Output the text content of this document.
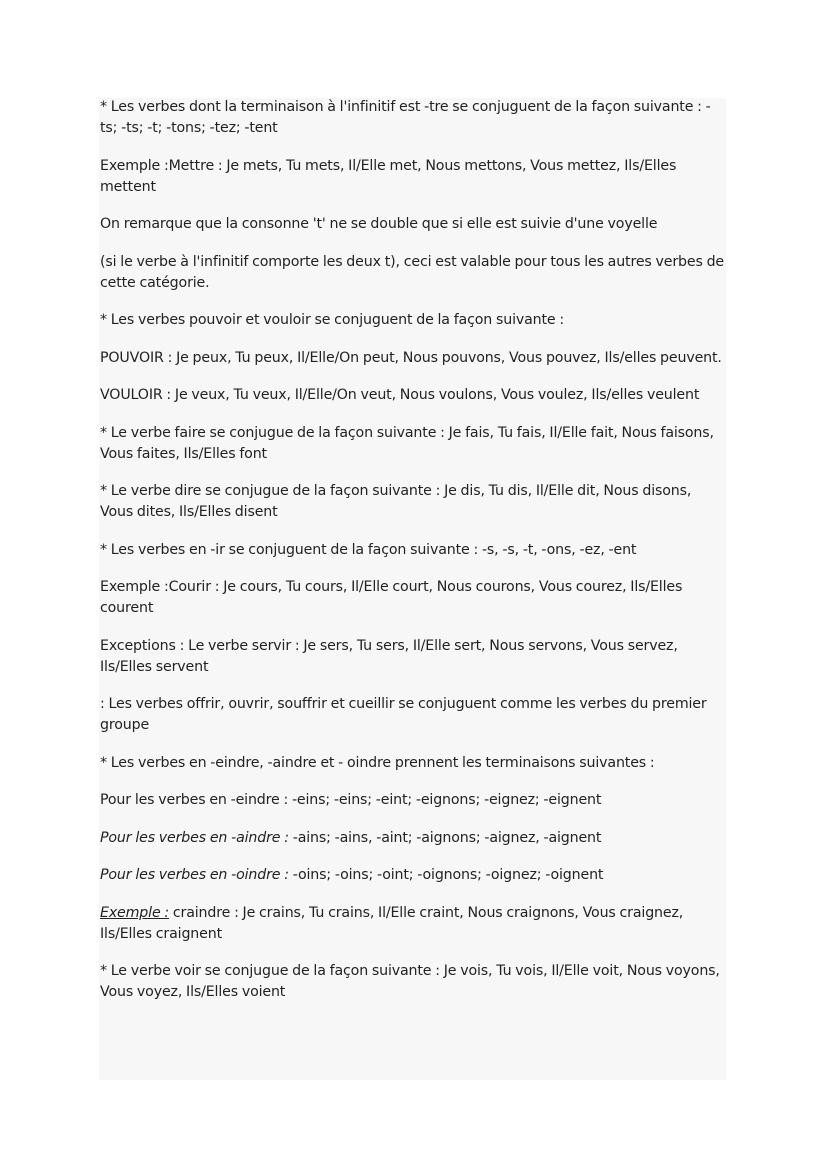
* Les verbes dont la terminaison à l'infinitif est -tre se conjuguent de la façon suivante : -ts; -ts; -t; -tons; -tez; -tent

Exemple :Mettre : Je mets, Tu mets, Il/Elle met, Nous mettons, Vous mettez, Ils/Elles mettent

On remarque que la consonne 't' ne se double que si elle est suivie d'une voyelle

(si le verbe à l'infinitif comporte les deux t), ceci est valable pour tous les autres verbes de cette catégorie.

* Les verbes pouvoir et vouloir se conjuguent de la façon suivante :

POUVOIR : Je peux, Tu peux, Il/Elle/On peut, Nous pouvons, Vous pouvez, Ils/elles peuvent.

VOULOIR : Je veux, Tu veux, Il/Elle/On veut, Nous voulons, Vous voulez, Ils/elles veulent

* Le verbe faire se conjugue de la façon suivante : Je fais, Tu fais, Il/Elle fait, Nous faisons, Vous faites, Ils/Elles font

* Le verbe dire se conjugue de la façon suivante : Je dis, Tu dis, Il/Elle dit, Nous disons, Vous dites, Ils/Elles disent

* Les verbes en -ir se conjuguent de la façon suivante : -s, -s, -t, -ons, -ez, -ent

Exemple :Courir : Je cours, Tu cours, Il/Elle court, Nous courons, Vous courez, Ils/Elles courent

Exceptions : Le verbe servir : Je sers, Tu sers, Il/Elle sert, Nous servons, Vous servez, Ils/Elles servent

: Les verbes offrir, ouvrir, souffrir et cueillir se conjuguent comme les verbes du premier groupe

* Les verbes en -eindre, -aindre et - oindre prennent les terminaisons suivantes :

Pour les verbes en -eindre : -eins; -eins; -eint; -eignons; -eignez; -eignent

Pour les verbes en -aindre : -ains; -ains, -aint; -aignons; -aignez, -aignent

Pour les verbes en -oindre : -oins; -oins; -oint; -oignons; -oignez; -oignent

Exemple : craindre : Je crains, Tu crains, Il/Elle craint, Nous craignons, Vous craignez, Ils/Elles craignent

* Le verbe voir se conjugue de la façon suivante : Je vois, Tu vois, Il/Elle voit, Nous voyons, Vous voyez, Ils/Elles voient
